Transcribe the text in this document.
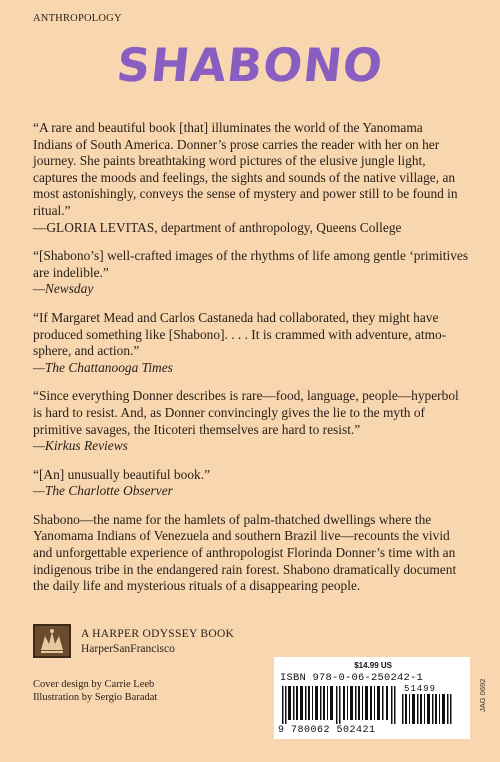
ANTHROPOLOGY
SHABONO
“A rare and beautiful book [that] illuminates the world of the Yanomama
Indians of South America. Donner’s prose carries the reader with her on her
journey. She paints breathtaking word pictures of the elusive jungle light,
captures the moods and feelings, the sights and sounds of the native village, an
most astonishingly, conveys the sense of mystery and power still to be found in
ritual.”
—GLORIA LEVITAS, department of anthropology, Queens College
“[Shabono’s] well-crafted images of the rhythms of life among gentle ‘primitives
are indelible.”
—Newsday
“If Margaret Mead and Carlos Castaneda had collaborated, they might have
produced something like [Shabono]. . . . It is crammed with adventure, atmo-
sphere, and action.”
—The Chattanooga Times
“Since everything Donner describes is rare—food, language, people—hyperbol
is hard to resist. And, as Donner convincingly gives the lie to the myth of
primitive savages, the Iticoteri themselves are hard to resist.”
—Kirkus Reviews
“[An] unusually beautiful book.”
—The Charlotte Observer
Shabono—the name for the hamlets of palm-thatched dwellings where the
Yanomama Indians of Venezuela and southern Brazil live—recounts the vivid
and unforgettable experience of anthropologist Florinda Donner’s time with an
indigenous tribe in the endangered rain forest. Shabono dramatically document
the daily life and mysterious rituals of a disappearing people.
A HARPER ODYSSEY BOOK
HarperSanFrancisco
Cover design by Carrie Leeb
Illustration by Sergio Baradat
$14.99 US
ISBN 978-0-06-250242-1
51499
9 780062 502421
JAG 0692
